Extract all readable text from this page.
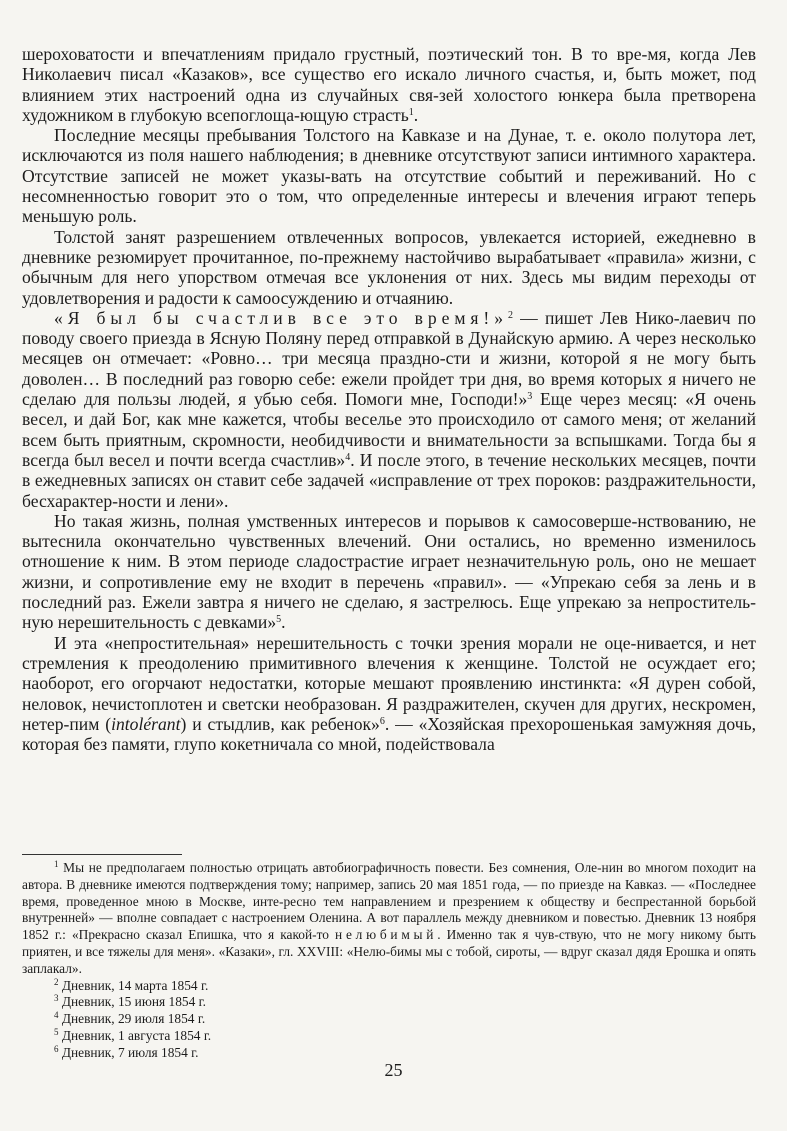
шероховатости и впечатлениям придало грустный, поэтический тон. В то вре-мя, когда Лев Николаевич писал «Казаков», все существо его искало личного счастья, и, быть может, под влиянием этих настроений одна из случайных свя-зей холостого юнкера была претворена художником в глубокую всепоглоща-ющую страсть$^1$.

Последние месяцы пребывания Толстого на Кавказе и на Дунае, т. е. около полутора лет, исключаются из поля нашего наблюдения; в дневнике отсутствуют записи интимного характера. Отсутствие записей не может указы-вать на отсутствие событий и переживаний. Но с несомненностью говорит это о том, что определенные интересы и влечения играют теперь меньшую роль.

Толстой занят разрешением отвлеченных вопросов, увлекается историей, ежедневно в дневнике резюмирует прочитанное, по-прежнему настойчиво вырабатывает «правила» жизни, с обычным для него упорством отмечая все уклонения от них. Здесь мы видим переходы от удовлетворения и радости к самоосуждению и отчаянию.

«Я был бы счастлив все это время!»$^2$ — пишет Лев Нико-лаевич по поводу своего приезда в Ясную Поляну перед отправкой в Дунайскую армию. А через несколько месяцев он отмечает: «Ровно… три месяца праздно-сти и жизни, которой я не могу быть доволен… В последний раз говорю себе: ежели пройдет три дня, во время которых я ничего не сделаю для пользы людей, я убью себя. Помоги мне, Господи!»$^3$ Еще через месяц: «Я очень весел, и дай Бог, как мне кажется, чтобы веселье это происходило от самого меня; от желаний всем быть приятным, скромности, необидчивости и внимательности за вспышками. Тогда бы я всегда был весел и почти всегда счастлив»$^4$. И после этого, в течение нескольких месяцев, почти в ежедневных записях он ставит себе задачей «исправление от трех пороков: раздражительности, бесхарактер-ности и лени».

Но такая жизнь, полная умственных интересов и порывов к самосоверше-нствованию, не вытеснила окончательно чувственных влечений. Они остались, но временно изменилось отношение к ним. В этом периоде сладострастие играет незначительную роль, оно не мешает жизни, и сопротивление ему не входит в перечень «правил». — «Упрекаю себя за лень и в последний раз. Ежели завтра я ничего не сделаю, я застрелюсь. Еще упрекаю за непроститель-ную нерешительность с девками»$^5$.

И эта «непростительная» нерешительность с точки зрения морали не оце-нивается, и нет стремления к преодолению примитивного влечения к женщине. Толстой не осуждает его; наоборот, его огорчают недостатки, которые мешают проявлению инстинкта: «Я дурен собой, неловок, нечистоплотен и светски необразован. Я раздражителен, скучен для других, нескромен, нетер-пим (intolérant) и стыдлив, как ребенок»$^6$. — «Хозяйская прехорошенькая замужняя дочь, которая без памяти, глупо кокетничала со мной, подействовала

$^1$ Мы не предполагаем полностью отрицать автобиографичность повести. Без сомнения, Оле-нин во многом походит на автора. В дневнике имеются подтверждения тому; например, запись 20 мая 1851 года, — по приезде на Кавказ. — «Последнее время, проведенное мною в Москве, инте-ресно тем направлением и презрением к обществу и беспрестанной борьбой внутренней» — вполне совпадает с настроением Оленина. А вот параллель между дневником и повестью. Дневник 13 ноября 1852 г.: «Прекрасно сказал Епишка, что я какой-то нелюбимый. Именно так я чув-ствую, что не могу никому быть приятен, и все тяжелы для меня». «Казаки», гл. XXVIII: «Нелю-бимы мы с тобой, сироты, — вдруг сказал дядя Ерошка и опять заплакал».

$^2$ Дневник, 14 марта 1854 г.

$^3$ Дневник, 15 июня 1854 г.

$^4$ Дневник, 29 июля 1854 г.

$^5$ Дневник, 1 августа 1854 г.

$^6$ Дневник, 7 июля 1854 г.

25
